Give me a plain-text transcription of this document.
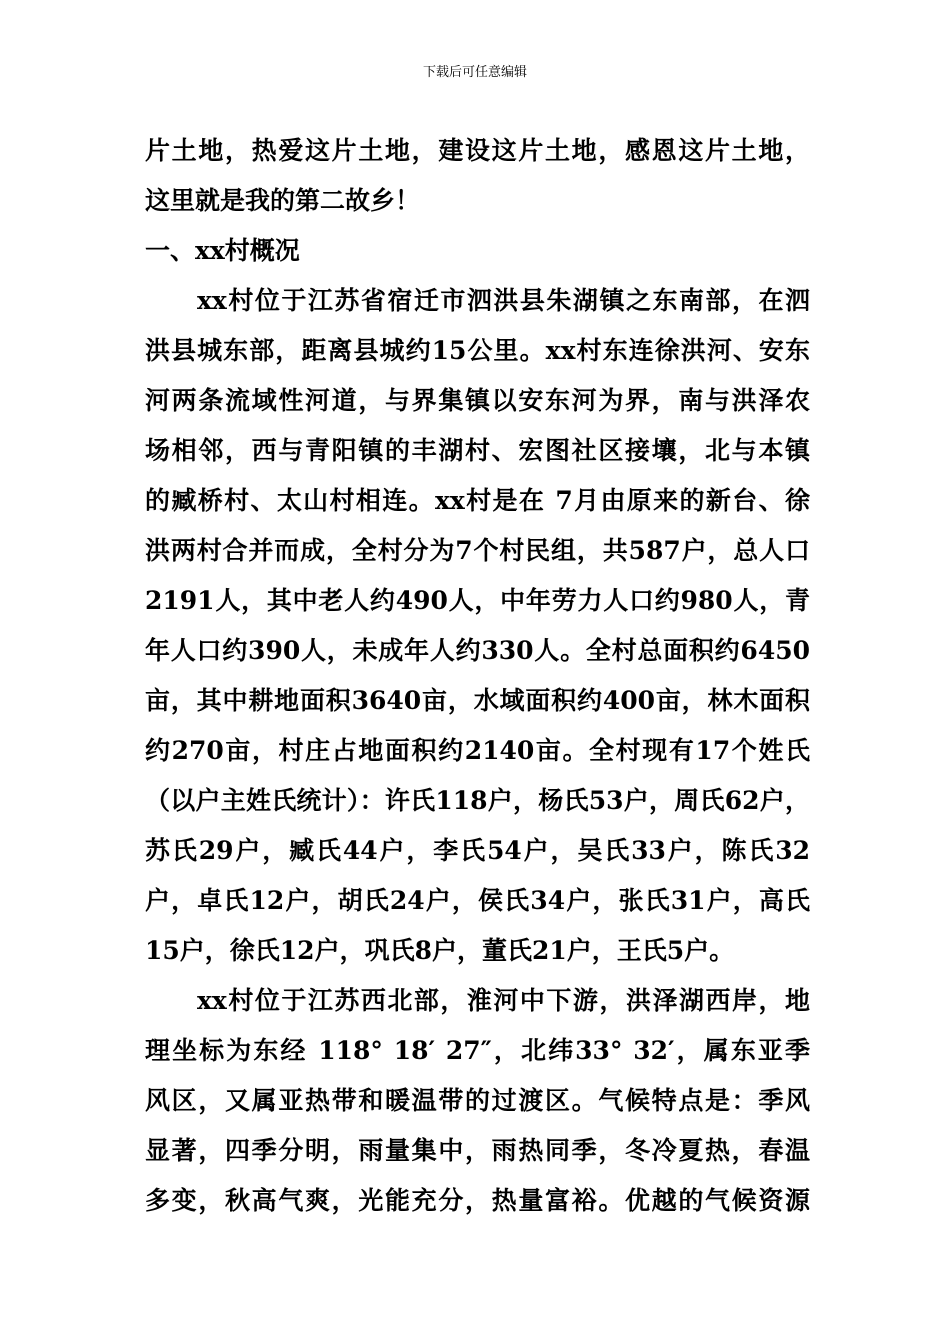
下载后可任意编辑
片土地，热爱这片土地，建设这片土地，感恩这片土地，
这里就是我的第二故乡！
一、xx村概况
xx村位于江苏省宿迁市泗洪县朱湖镇之东南部，在泗
洪县城东部，距离县城约15公里。xx村东连徐洪河、安东
河两条流域性河道，与界集镇以安东河为界，南与洪泽农
场相邻，西与青阳镇的丰湖村、宏图社区接壤，北与本镇
的臧桥村、太山村相连。xx村是在 7月由原来的新台、徐
洪两村合并而成，全村分为7个村民组，共587户，总人口
2191人，其中老人约490人，中年劳力人口约980人，青
年人口约390人，未成年人约330人。全村总面积约6450
亩，其中耕地面积3640亩，水域面积约400亩，林木面积
约270亩，村庄占地面积约2140亩。全村现有17个姓氏
（以户主姓氏统计）：许氏118户，杨氏53户，周氏62户，
苏氏29户，臧氏44户，李氏54户，吴氏33户，陈氏32
户，卓氏12户，胡氏24户，侯氏34户，张氏31户，高氏
15户，徐氏12户，巩氏8户，董氏21户，王氏5户。
xx村位于江苏西北部，淮河中下游，洪泽湖西岸，地
理坐标为东经 118° 18′ 27″，北纬33° 32′，属东亚季
风区，又属亚热带和暖温带的过渡区。气候特点是：季风
显著，四季分明，雨量集中，雨热同季，冬冷夏热，春温
多变，秋高气爽，光能充分，热量富裕。优越的气候资源
